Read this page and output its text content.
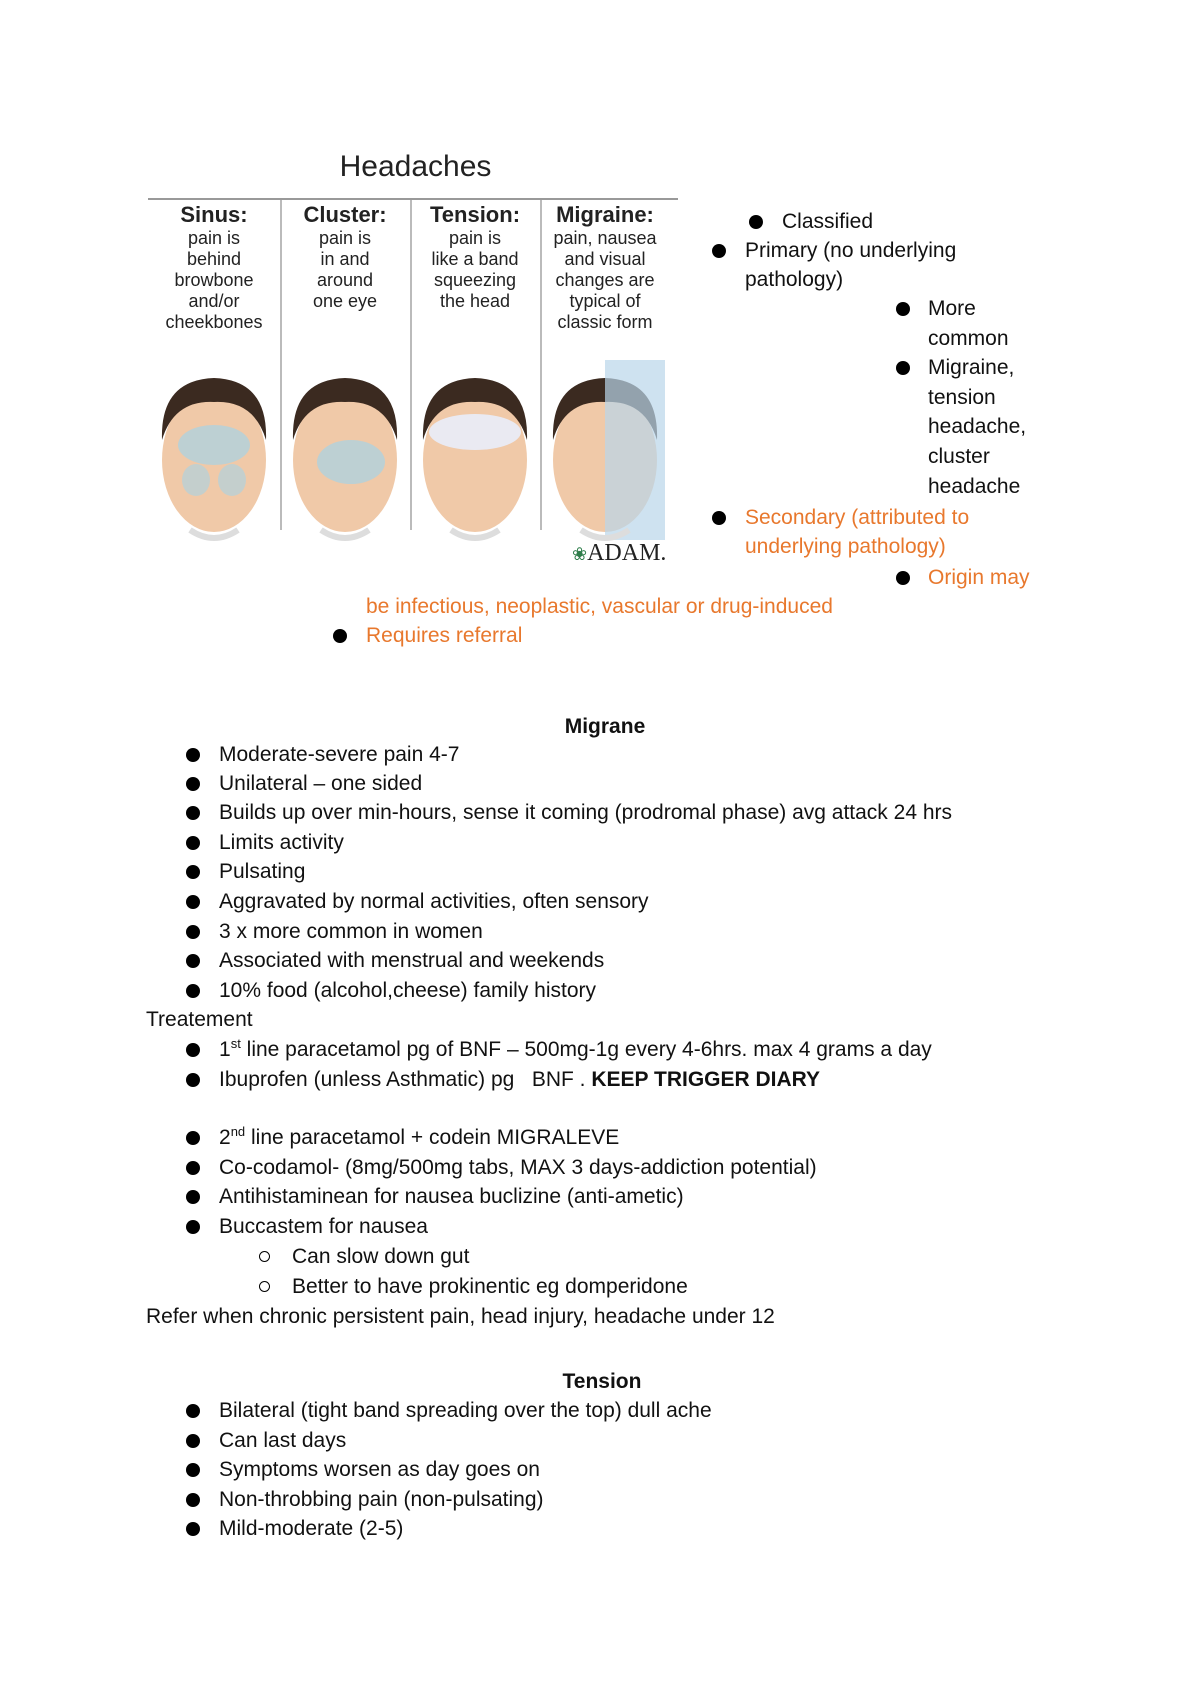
Headaches
Sinus:
pain is
behind
browbone
and/or
cheekbones
Cluster:
pain is
in and
around
one eye
Tension:
pain is
like a band
squeezing
the head
Migraine:
pain, nausea
and visual
changes are
typical of
classic form
❀ADAM.
Classified
Primary (no underlying
pathology)
More
common
Migraine,
tension
headache,
cluster
headache
Secondary (attributed to
underlying pathology)
Origin may
be infectious, neoplastic, vascular or drug-induced
Requires referral
Migrane
Moderate-severe pain 4-7
Unilateral – one sided
Builds up over min-hours, sense it coming (prodromal phase) avg attack 24 hrs
Limits activity
Pulsating
Aggravated by normal activities, often sensory
3 x more common in women
Associated with menstrual and weekends
10% food (alcohol,cheese) family history
Treatement
1st line paracetamol pg of BNF – 500mg-1g every 4-6hrs. max 4 grams a day
Ibuprofen (unless Asthmatic) pg   BNF . KEEP TRIGGER DIARY
2nd line paracetamol + codein MIGRALEVE
Co-codamol- (8mg/500mg tabs, MAX 3 days-addiction potential)
Antihistaminean for nausea buclizine (anti-ametic)
Buccastem for nausea
Can slow down gut
Better to have prokinentic eg domperidone
Refer when chronic persistent pain, head injury, headache under 12
Tension
Bilateral (tight band spreading over the top) dull ache
Can last days
Symptoms worsen as day goes on
Non-throbbing pain (non-pulsating)
Mild-moderate (2-5)
